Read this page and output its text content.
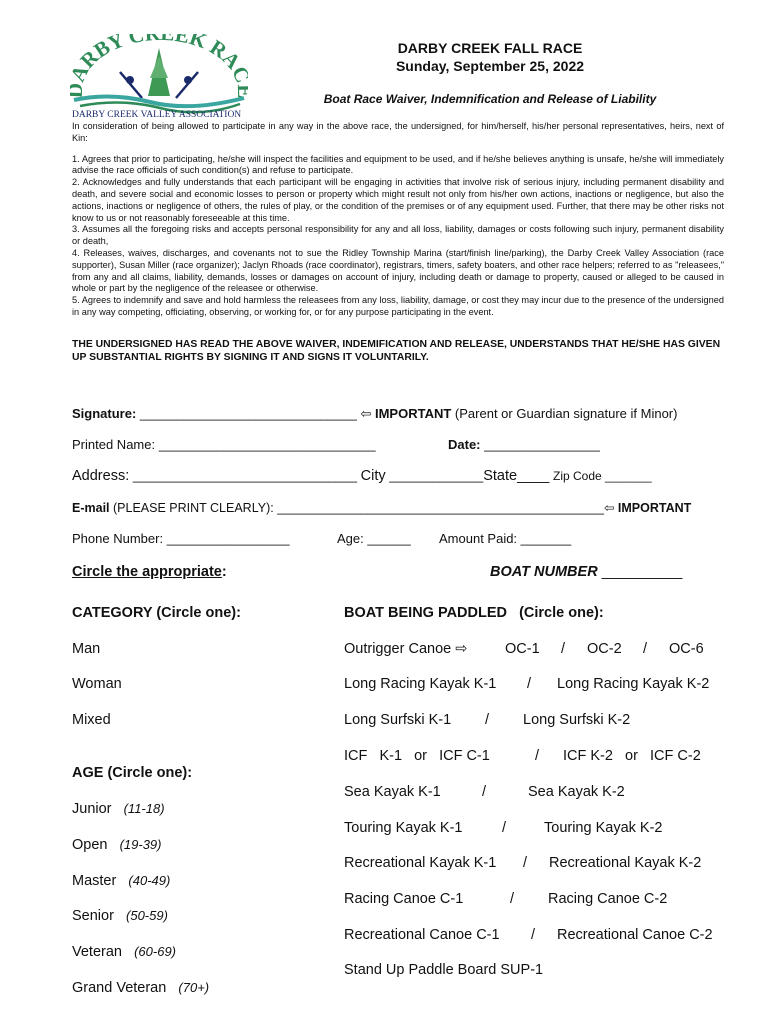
RBY C EK RA
DARBY CREEK VALLEY ASSOCIATION
DARBY CREEK FALL RACE
Sunday, September 25, 2022
Boat Race Waiver, Indemnification and Release of Liability

In consideration of being allowed to participate in any way in the above race, the undersigned, for him/herself, his/her personal representatives, heirs, next of Kin:

1. Agrees that prior to participating, he/she will inspect the facilities and equipment to be used, and if he/she believes anything is unsafe, he/she will immediately advise the race officials of such condition(s) and refuse to participate.

2. Acknowledges and fully understands that each participant will be engaging in activities that involve risk of serious injury, including permanent disability and death, and severe social and economic losses to person or property which might result not only from his/her own actions, inactions or negligence, but also the actions, inactions or negligence of others, the rules of play, or the condition of the premises or of any equipment used. Further, that there may be other risks not know to us or not reasonably foreseeable at this time.

3. Assumes all the foregoing risks and accepts personal responsibility for any and all loss, liability, damages or costs following such injury, permanent disability or death,

4. Releases, waives, discharges, and covenants not to sue the Ridley Township Marina (start/finish line/parking), the Darby Creek Valley Association (race supporter), Susan Miller (race organizer); Jaclyn Rhoads (race coordinator), registrars, timers, safety boaters, and other race helpers; referred to as "releasees," from any and all claims, liability, demands, losses or damages on account of injury, including death or damage to property, caused or alleged to be caused in whole or part by the negligence of the releasee or otherwise.

5. Agrees to indemnify and save and hold harmless the releasees from any loss, liability, damage, or cost they may incur due to the presence of the undersigned in any way competing, officiating, observing, or working for, or for any purpose participating in the event.

THE UNDERSIGNED HAS READ THE ABOVE WAIVER, INDEMIFICATION AND RELEASE, UNDERSTANDS THAT HE/SHE HAS GIVEN UP SUBSTANTIAL RIGHTS BY SIGNING IT AND SIGNS IT VOLUNTARILY.
Signature: ______________________________ ⇦ IMPORTANT (Parent or Guardian signature if Minor)
Printed Name: ______________________________	Date: ________________
Address: _______________________________ City _____________State____ Zip Code _______
E-mail (PLEASE PRINT CLEARLY): _______________________________________________⇦ IMPORTANT
Phone Number: _________________	Age: ______ Amount Paid: _______
Circle the appropriate:	BOAT NUMBER __________
CATEGORY (Circle one):
Man
Woman
Mixed
AGE (Circle one):
Junior (11-18)
Open (19-39)
Master (40-49)
Senior (50-59)
Veteran (60-69)
Grand Veteran (70+)
BOAT BEING PADDLED   (Circle one):
Outrigger Canoe ⇨	OC-1 / OC-2 / OC-6
Long Racing Kayak K-1 / Long Racing Kayak K-2
Long Surfski K-1 / Long Surfski K-2
ICF   K-1   or   ICF C-1	/ ICF K-2   or   ICF C-2
Sea Kayak K-1	/	Sea Kayak K-2
Touring Kayak K-1	/	Touring Kayak K-2
Recreational Kayak K-1 / Recreational Kayak K-2
Racing Canoe C-1	/ Racing Canoe C-2
Recreational Canoe C-1 / Recreational Canoe C-2
Stand Up Paddle Board SUP-1
